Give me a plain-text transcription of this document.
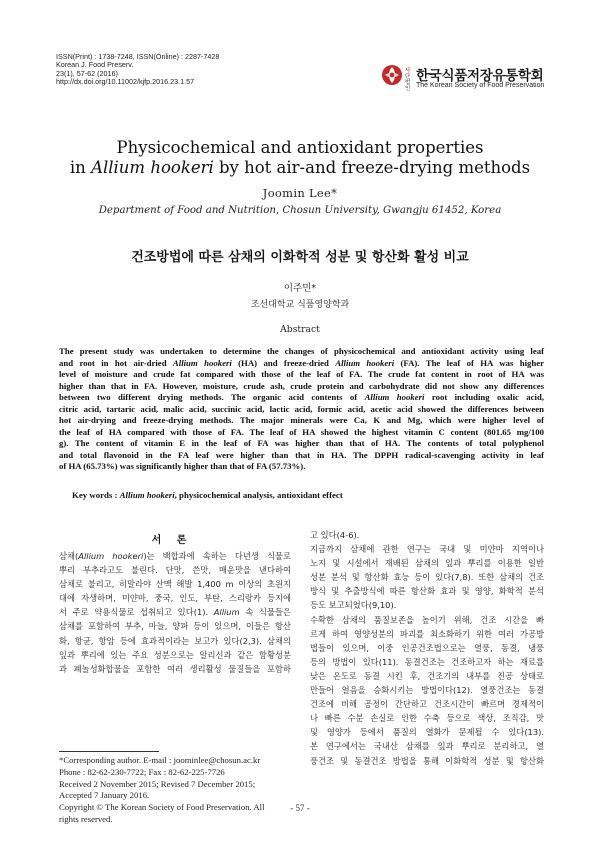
ISSN(Print) : 1738-7248, ISSN(Online) : 2287-7428
Korean J. Food Preserv.
23(1), 57-62 (2016)
http://dx.doi.org/10.11002/kjfp.2016.23.1.57
사단법인
한국식품저장유통학회
The Korean Society of Food Preservation
Physicochemical and antioxidant properties
in Allium hookeri by hot air-and freeze-drying methods
Joomin Lee*
Department of Food and Nutrition, Chosun University, Gwangju 61452, Korea
건조방법에 따른 삼채의 이화학적 성분 및 항산화 활성 비교
이주민*
조선대학교 식품영양학과
Abstract
The present study was undertaken to determine the changes of physicochemical and antioxidant activity using leaf
and root in hot air-dried Allium hookeri (HA) and freeze-dried Allium hookeri (FA). The leaf of HA was higher
level of moisture and crude fat compared with those of the leaf of FA. The crude fat content in root of HA was
higher than that in FA. However, moisture, crude ash, crude protein and carbohydrate did not show any differences
between two different drying methods. The organic acid contents of Allium hookeri root including oxalic acid,
citric acid, tartaric acid, malic acid, succinic acid, lactic acid, formic acid, acetic acid showed the differences between
hot air-drying and freeze-drying methods. The major minerals were Ca, K and Mg, which were higher level of
the leaf of HA compared with those of FA. The leaf of HA showed the highest vitamin C content (801.65 mg/100
g). The content of vitamin E in the leaf of FA was higher than that of HA. The contents of total polyphenol
and total flavonoid in the FA leaf were higher than that in HA. The DPPH radical-scavenging activity in leaf
of HA (65.73%) was significantly higher than that of FA (57.73%).
Key words : Allium hookeri, physicochemical analysis, antioxidant effect
서 론
삼채(Allium hookeri)는 백합과에 속하는 다년생 식물로
뿌리 부추라고도 불린다. 단맛, 쓴맛, 매운맛을 낸다하여
삼채로 불리고, 히말라야 산맥 해발 1,400 m 이상의 초원지
대에 자생하며, 미얀마, 중국, 인도, 부탄, 스리랑카 등지에
서 주로 약용식물로 섭취되고 있다(1). Allium 속 식물들은
삼채를 포함하여 부추, 마늘, 양파 등이 있으며, 이들은 항산
화, 항균, 항암 등에 효과적이라는 보고가 있다(2,3). 삼채의
잎과 뿌리에 있는 주요 성분으로는 알리신과 같은 함황성분
과 폐놀성화합물을 포함한 여러 생리활성 물질들을 포함하
고 있다(4-6).
지금까지 삼채에 관한 연구는 국내 및 미얀마 지역이나
노지 및 시설에서 재배된 삼채의 잎과 뿌리를 이용한 일반
성분 분석 및 항산화 효능 등이 있다(7,8). 또한 삼채의 건조
방식 및 추출방식에 따른 항산화 효과 및 영양, 화학적 분석
등도 보고되었다(9,10).
수확한 삼채의 품질보존을 높이기 위해, 건조 시간을 빠
르게 하여 영양성분의 파괴를 최소화하기 위한 여러 가공방
법들이 있으며, 이중 인공건조법으로는 열풍, 동결, 냉풍
등의 방법이 있다(11). 동결건조는 건조하고자 하는 재료를
낮은 온도로 동결 시킨 후, 건조기의 내부를 진공 상태로
만들어 얼음을 승화시키는 방법이다(12). 열풍건조는 동결
건조에 비해 공정이 간단하고 건조시간이 빠르며 경제적이
나 빠른 수분 손실로 인한 수축 등으로 색상, 조직감, 맛
및 영양가 등에서 품질의 열화가 문제될 수 있다(13).
본 연구에서는 국내산 삼채를 잎과 뿌리로 분리하고, 열
풍건조 및 동결건조 방법을 통해 이화학적 성분 및 항산화
*Corresponding author. E-mail : joominlee@chosun.ac.kr
Phone : 82-62-230-7722; Fax : 82-62-225-7726
Received 2 November 2015; Revised 7 December 2015;
Accepted 7 January 2016.
Copyright © The Korean Society of Food Preservation. All
rights reserved.
- 57 -
